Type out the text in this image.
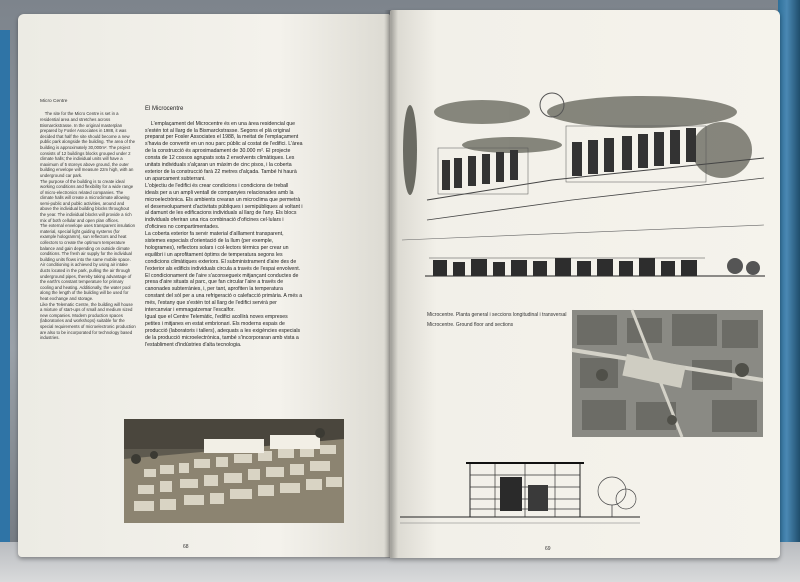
Micro Centre

The site for the Micro Centre is set in a residential area and stretches across Bismarckstrasse. In the original masterplan prepared by Fosler Associates in 1988, it was decided that half the site should become a new public park alongside the building. The area of the building is approximately 30,000m². The project consists of 12 buildings blocks grouped under 2 climate halls; the individual units will have a maximum of 5 storeys above ground, the outer building envelope will measure 22m high, with an underground car park.
The purpose of the building is to create ideal working conditions and flexibility for a wide range of micro-electronics related companies. The climate halls will create a microclimate allowing semi-public and public activities, around and above the individual building blocks throughout the year. The individual blocks will provide a rich mix of both cellular and open plan offices.
The external envelope uses transparent insulation material, special light guiding systems (for example hologramm), sun reflectors and heat collectors to create the optimum temperature balance and gain depending on outside climate conditions. The fresh air supply for the individual building units flows into the same mobile space. Air conditioning is achieved by using air intake ducts located in the park, pulling the air through underground pipes, thereby taking advantage of the earth's constant temperature for primary cooling and heating. Additionally, the water pool along the length of the building will be used for heat exchange and storage.
Like the Telematic Centre, the building will house a mixture of start-ups of small and medium sized new companies. Modern production spaces (laboratories and workshops) suitable for the special requirements of microelectronic production are also to be incorporated for technology based industries.

El Microcentre

L'emplaçament del Microcentre és en una àrea residencial que s'estén tot al llarg de la Bismarckstrasse. Segons el plà original preparat per Fosler Associates el 1988, la meitat de l'emplaçament s'havia de convertir en un nou parc públic al costat de l'edifici. L'àrea de la construcció és aproximadament de 30.000 m². El projecte consta de 12 cossos agrupats sota 2 envolvents climàtiques. Les unitats individuals s'alçaran un màxim de cinc pisos, i la coberta exterior de la construcció farà 22 metres d'alçada. També hi haurà un aparcament subterrani.
L'objectiu de l'edifici és crear condicions i condicions de treball ideals per a un ampli ventall de companyies relacionades amb la microelectrònica. Els ambients crearan un microclima que permetrà el desenvolupament d'activitats públiques i semipúbliques al voltant i al damunt de les edificacions individuals al llarg de l'any. Els blocs individuals oferiran una rica combinació d'oficines cel·lulars i d'oficines no compartimentades.
La coberta exterior fa servir material d'aïllament transparent, sistemes especials d'orientació de la llum (per exemple, hologrames), reflectors solars i col·lectors tèrmics per crear un equilibri i un aprofitament òptims de temperatura segons les condicions climàtiques exteriors. El subministrament d'aire des de l'exterior als edificis individuals circula a través de l'espai envolvent. El condicionament de l'aire s'aconsegueix mitjançant conductes de presa d'aire situats al parc, que fan circular l'aire a través de canonades subterrànies, i, per tant, aprofiten la temperatura constant del sòl per a una refrigeració o calefacció primària. A més a més, l'estany que s'estén tot al llarg de l'edifici servirà per intercanviar i emmagatzemar l'escalfor.
Igual que el Centre Telemàtic, l'edifici acollirà noves empreses petites i mitjanes en estat embrionari. Els moderns espais de producció (laboratoris i tallers), adequats a les exigències especials de la producció microelectrònica, també s'incorporaran amb vista a l'establiment d'indústries d'alta tecnologia.

Microcentre. Planta general i seccions longitudinal i transversal
Microcentre. Ground floor and sections
68	69
